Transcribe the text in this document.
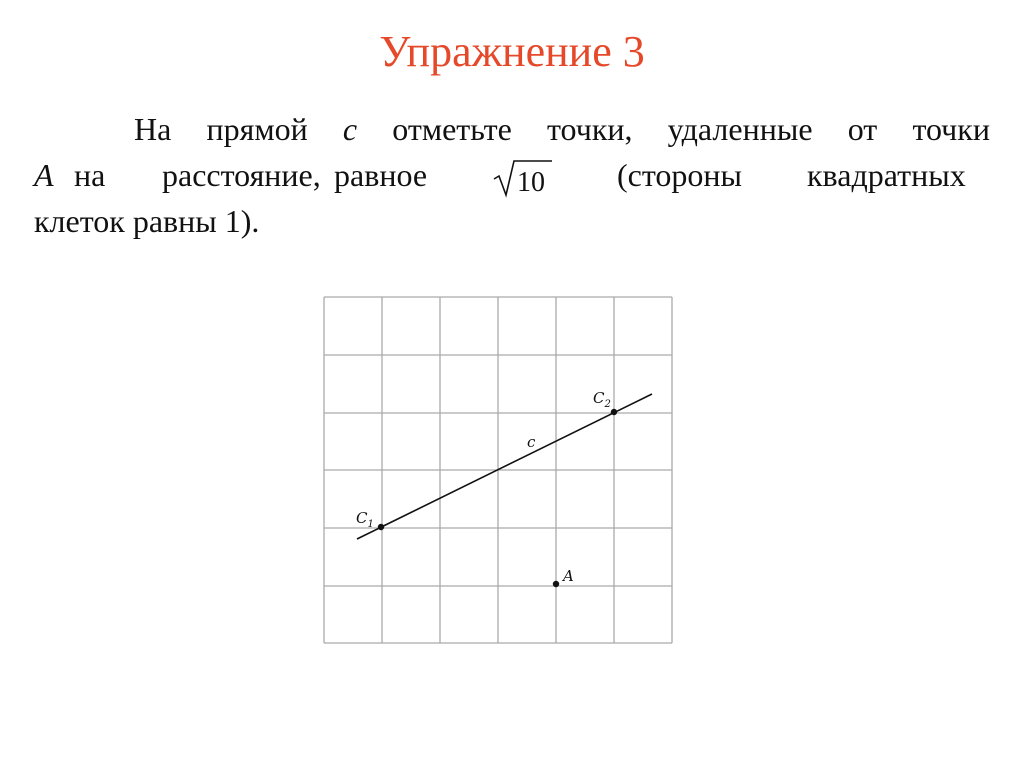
Упражнение 3
На прямой c отметьте точки, удаленные от точки
A на расстояние, равное	(стороны квадратных
10
клеток равны 1).
c
$C_1$
$C_2$
A
